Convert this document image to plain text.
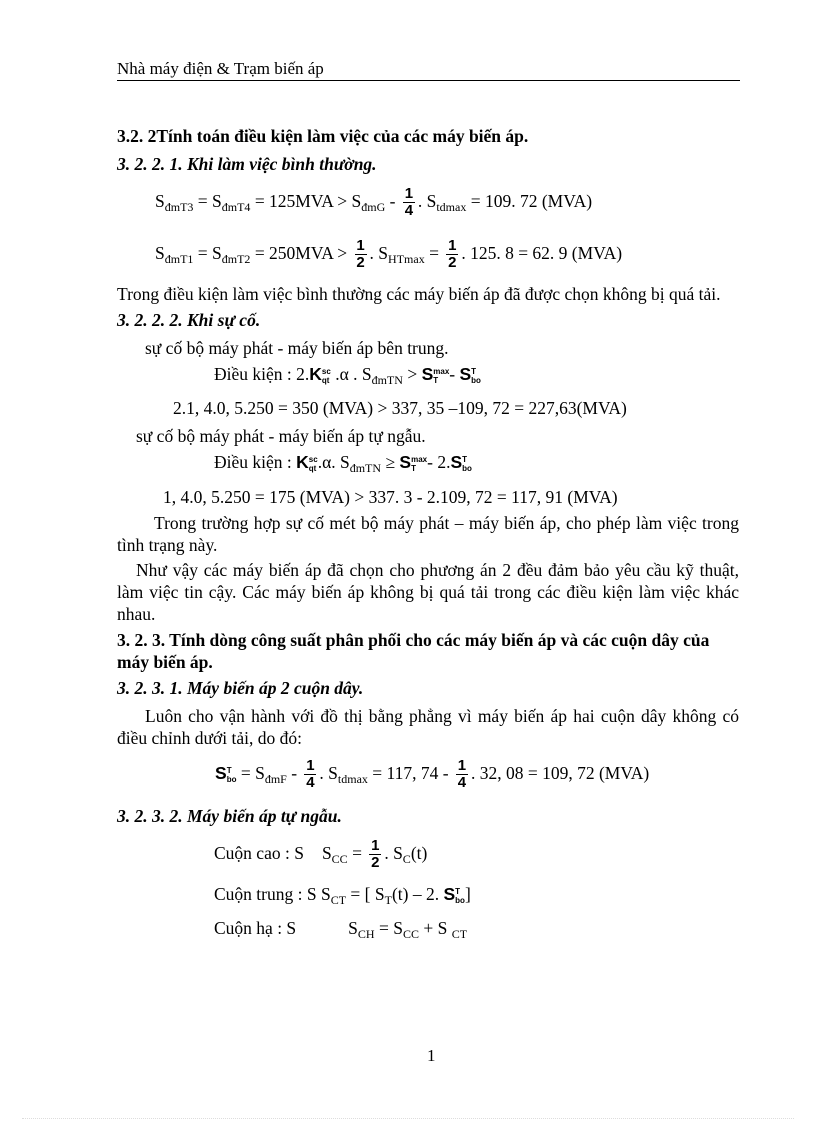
Nhà máy điện & Trạm biến áp

3.2. 2Tính toán điều kiện làm việc của các máy biến áp.

3. 2. 2. 1. Khi làm việc bình thường.

$S_{đmT3} = S_{đmT4} = 125MVA > S_{đmG} - \frac{1}{4}$ . $S_{tdmax} = 109$. 72 (MVA)

$S_{đmT1} = S_{đmT2} = 250MVA > \frac{1}{2}$ . $S_{HTmax} = \frac{1}{2}$ . 125. 8 = 62. 9 (MVA)

Trong điều kiện làm việc bình thường các máy biến áp đã được chọn không bị quá tải.

3. 2. 2. 2. Khi sự cố.

sự cố bộ máy phát - máy biến áp bên trung.

Điều kiện : 2.K sc
qt .α . $S_{đmTN} > S$ max
T - S T
bo

2.1, 4.0, 5.250 = 350 (MVA) > 337, 35 –109, 72 = 227,63(MVA)

sự cố bộ máy phát - máy biến áp tự ngẫu.

Điều kiện : K sc
qt .α. $S_{đmTN} \ge S$ max
T - 2.S T
bo

1, 4.0, 5.250 = 175 (MVA) > 337. 3 - 2.109, 72 = 117, 91 (MVA)

Trong trường hợp sự cố mét bộ máy phát – máy biến áp, cho phép làm việc trong tình trạng này.

Như vậy các máy biến áp đã chọn cho phương án 2 đều đảm bảo yêu cầu kỹ thuật, làm việc tin cậy. Các máy biến áp không bị quá tải trong các điều kiện làm việc khác nhau.

3. 2. 3. Tính dòng công suất phân phối cho các máy biến áp và các cuộn dây của máy biến áp.

3. 2. 3. 1. Máy biến áp 2 cuộn dây.

Luôn cho vận hành với đồ thị bằng phẳng vì máy biến áp hai cuộn dây không có điều chỉnh dưới tải, do đó:

S T
bo = $S_{đmF} - \frac{1}{4}$ . $S_{tdmax} = 117$, $74 - \frac{1}{4}$ . 32, 08 = 109, 72 (MVA)

3. 2. 3. 2. Máy biến áp tự ngẫu.

Cuộn cao : S $S_{CC} = \frac{1}{2}$ . $S_C(t)$

Cuộn trung : S $S_{CT}$ = [ $S_T(t) - 2$. S T
bo ]

Cuộn hạ : S	$S_{CH} = S_{CC} + S$ $_{CT}$

1
